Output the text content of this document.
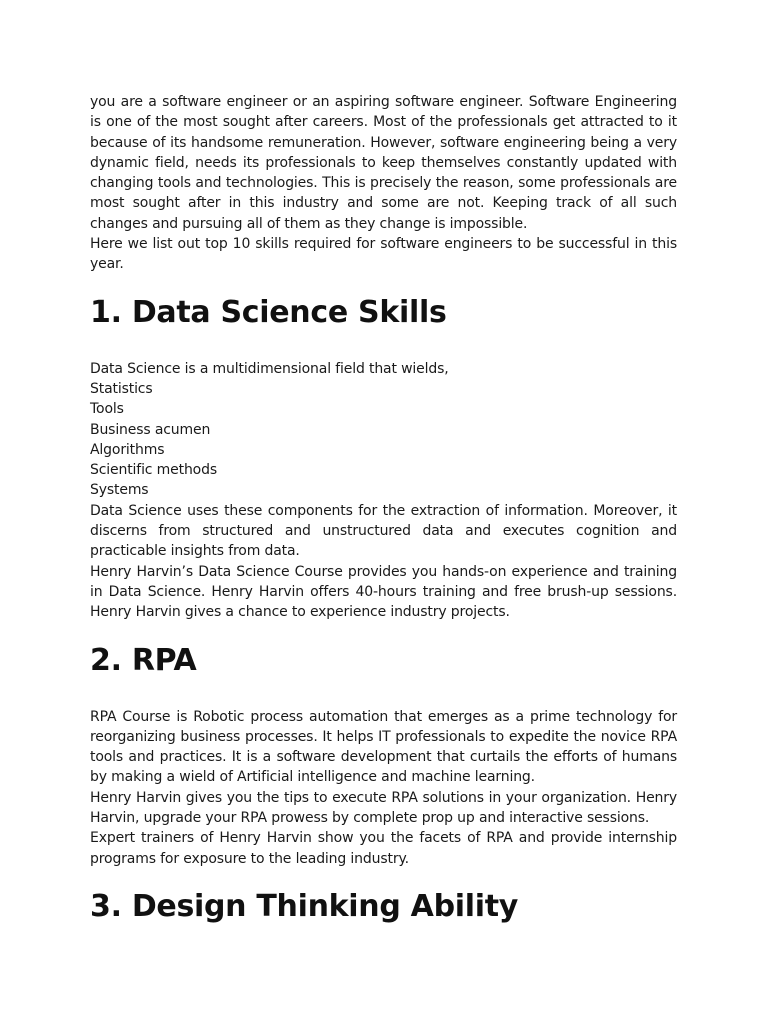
you are a software engineer or an aspiring software engineer. Software Engineering is one of the most sought after careers. Most of the professionals get attracted to it because of its handsome remuneration. However, software engineering being a very dynamic field, needs its professionals to keep themselves constantly updated with changing tools and technologies. This is precisely the reason, some professionals are most sought after in this industry and some are not. Keeping track of all such changes and pursuing all of them as they change is impossible.

Here we list out top 10 skills required for software engineers to be successful in this year.

1. Data Science Skills

Data Science is a multidimensional field that wields,

Statistics

Tools

Business acumen

Algorithms

Scientific methods

Systems

Data Science uses these components for the extraction of information. Moreover, it discerns from structured and unstructured data and executes cognition and practicable insights from data.

Henry Harvin’s Data Science Course provides you hands-on experience and training in Data Science. Henry Harvin offers 40-hours training and free brush-up sessions. Henry Harvin gives a chance to experience industry projects.

2. RPA

RPA Course is Robotic process automation that emerges as a prime technology for reorganizing business processes. It helps IT professionals to expedite the novice RPA tools and practices. It is a software development that curtails the efforts of humans by making a wield of Artificial intelligence and machine learning.

Henry Harvin gives you the tips to execute RPA solutions in your organization. Henry Harvin, upgrade your RPA prowess by complete prop up and interactive sessions.

Expert trainers of Henry Harvin show you the facets of RPA and provide internship programs for exposure to the leading industry.

3. Design Thinking Ability
